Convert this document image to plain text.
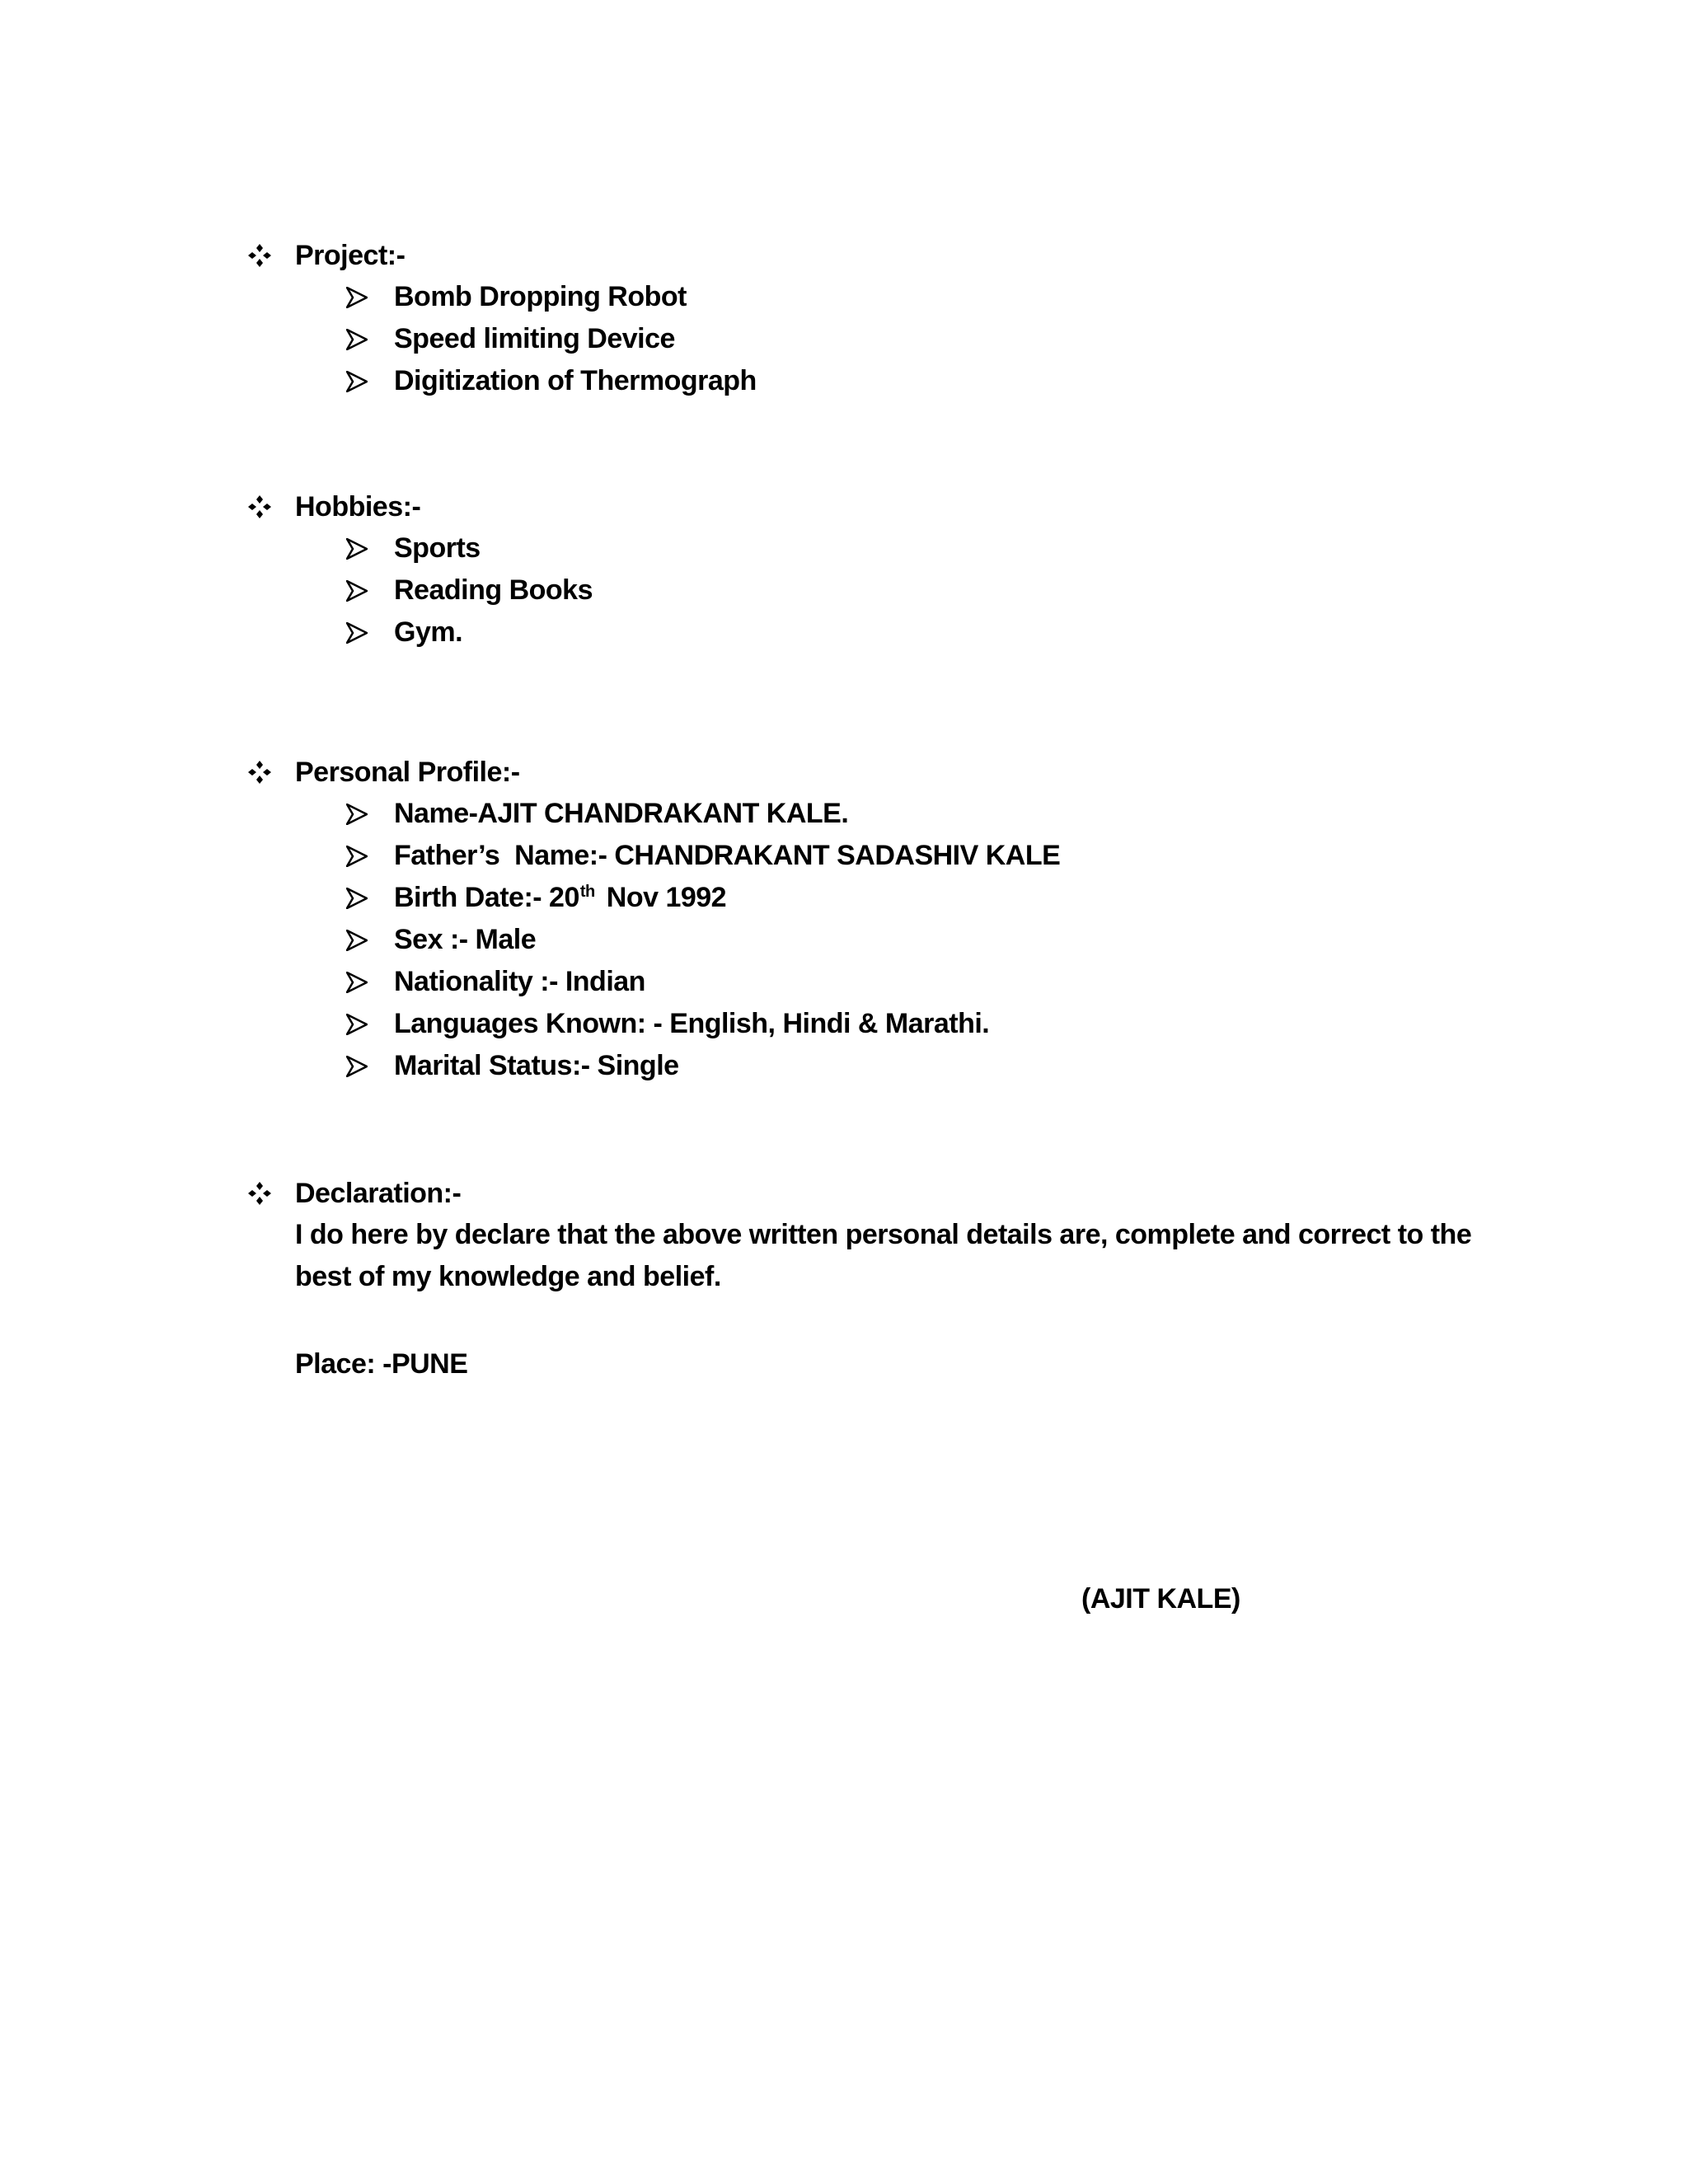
Project:-
Bomb Dropping Robot
Speed limiting Device
Digitization of Thermograph
Hobbies:-
Sports
Reading Books
Gym.
Personal Profile:-
Name-AJIT CHANDRAKANT KALE.
Father’s  Name:- CHANDRAKANT SADASHIV KALE
Birth Date:- 20th Nov 1992
Sex :- Male
Nationality :- Indian
Languages Known: - English, Hindi & Marathi.
Marital Status:- Single
Declaration:-
I do here by declare that the above written personal details are, complete and correct to the best of my knowledge and belief.
Place: -PUNE
(AJIT KALE)
